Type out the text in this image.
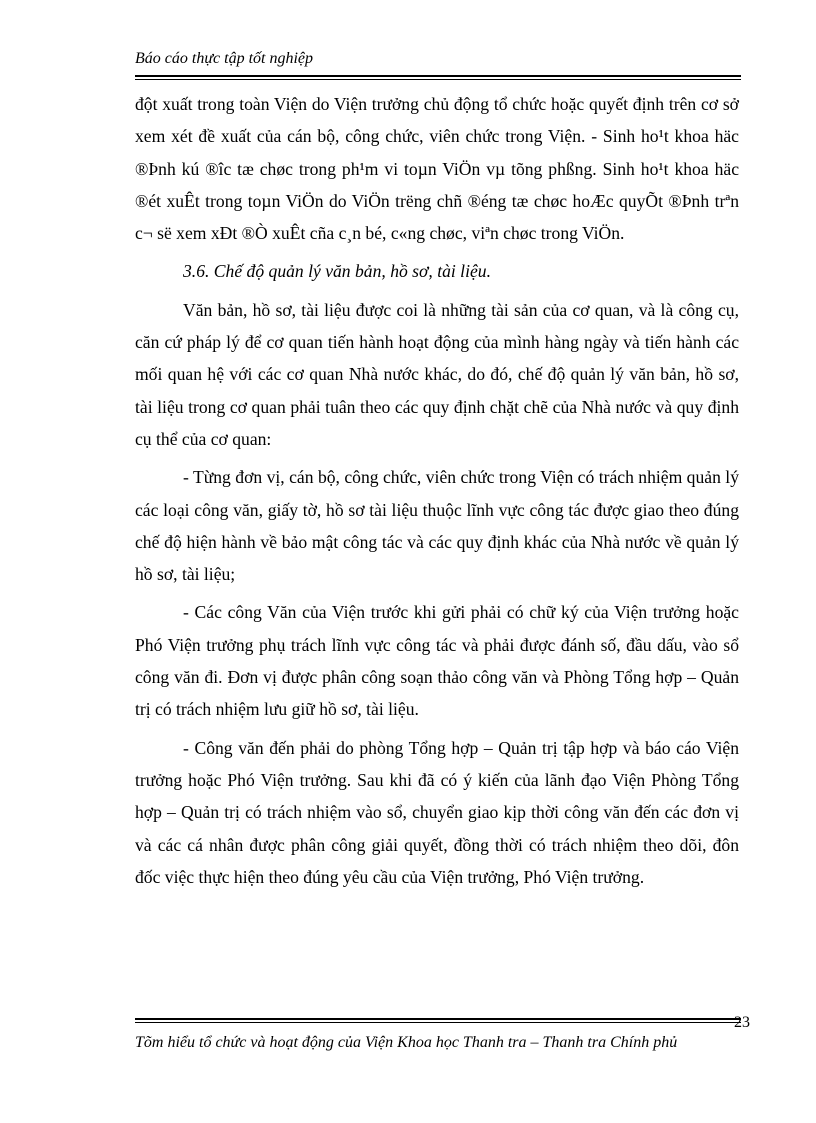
Báo cáo thực tập tốt nghiệp

đột xuất trong toàn Viện do Viện trưởng chủ động tổ chức hoặc quyết định trên cơ sở xem xét đề xuất của cán bộ, công chức, viên chức trong Viện. - Sinh ho¹t khoa häc ®Þnh kú ®îc tæ chøc trong ph¹m vi toµn ViÖn vµ tõng phßng. Sinh ho¹t khoa häc ®ét xuÊt trong toµn ViÖn do ViÖn trëng chñ ®éng tæ chøc hoÆc quyÕt ®Þnh trªn c¬ së xem xÐt ®Ò xuÊt cña c¸n bé, c«ng chøc, viªn chøc trong ViÖn.

3.6. Chế độ quản lý văn bản, hồ sơ, tài liệu.

Văn bản, hồ sơ, tài liệu được coi là những tài sản của cơ quan, và là công cụ, căn cứ pháp lý để cơ quan tiến hành hoạt động của mình hàng ngày và tiến hành các mối quan hệ với các cơ quan Nhà nước khác, do đó, chế độ quản lý văn bản, hồ sơ, tài liệu trong cơ quan phải tuân theo các quy định chặt chẽ của Nhà nước và quy định cụ thể của cơ quan:

- Từng đơn vị, cán bộ, công chức, viên chức trong Viện có trách nhiệm quản lý các loại công văn, giấy tờ, hồ sơ tài liệu thuộc lĩnh vực công tác được giao theo đúng chế độ hiện hành về bảo mật công tác và các quy định khác của Nhà nước về quản lý hồ sơ, tài liệu;

- Các công Văn của Viện trước khi gửi phải có chữ ký của Viện trưởng hoặc Phó Viện trưởng phụ trách lĩnh vực công tác và phải được đánh số, đầu dấu, vào sổ công văn đi. Đơn vị được phân công soạn thảo công văn và Phòng Tổng hợp – Quản trị có trách nhiệm lưu giữ hồ sơ, tài liệu.

- Công văn đến phải do phòng Tổng hợp – Quản trị tập hợp và báo cáo Viện trưởng hoặc Phó Viện trưởng. Sau khi đã có ý kiến của lãnh đạo Viện Phòng Tổng hợp – Quản trị có trách nhiệm vào sổ, chuyển giao kịp thời công văn đến các đơn vị và các cá nhân được phân công giải quyết, đồng thời có trách nhiệm theo dõi, đôn đốc việc thực hiện theo đúng yêu cầu của Viện trưởng, Phó Viện trưởng.

23
Tõm hiểu tổ chức và hoạt động của Viện Khoa học Thanh tra – Thanh tra Chính phủ
